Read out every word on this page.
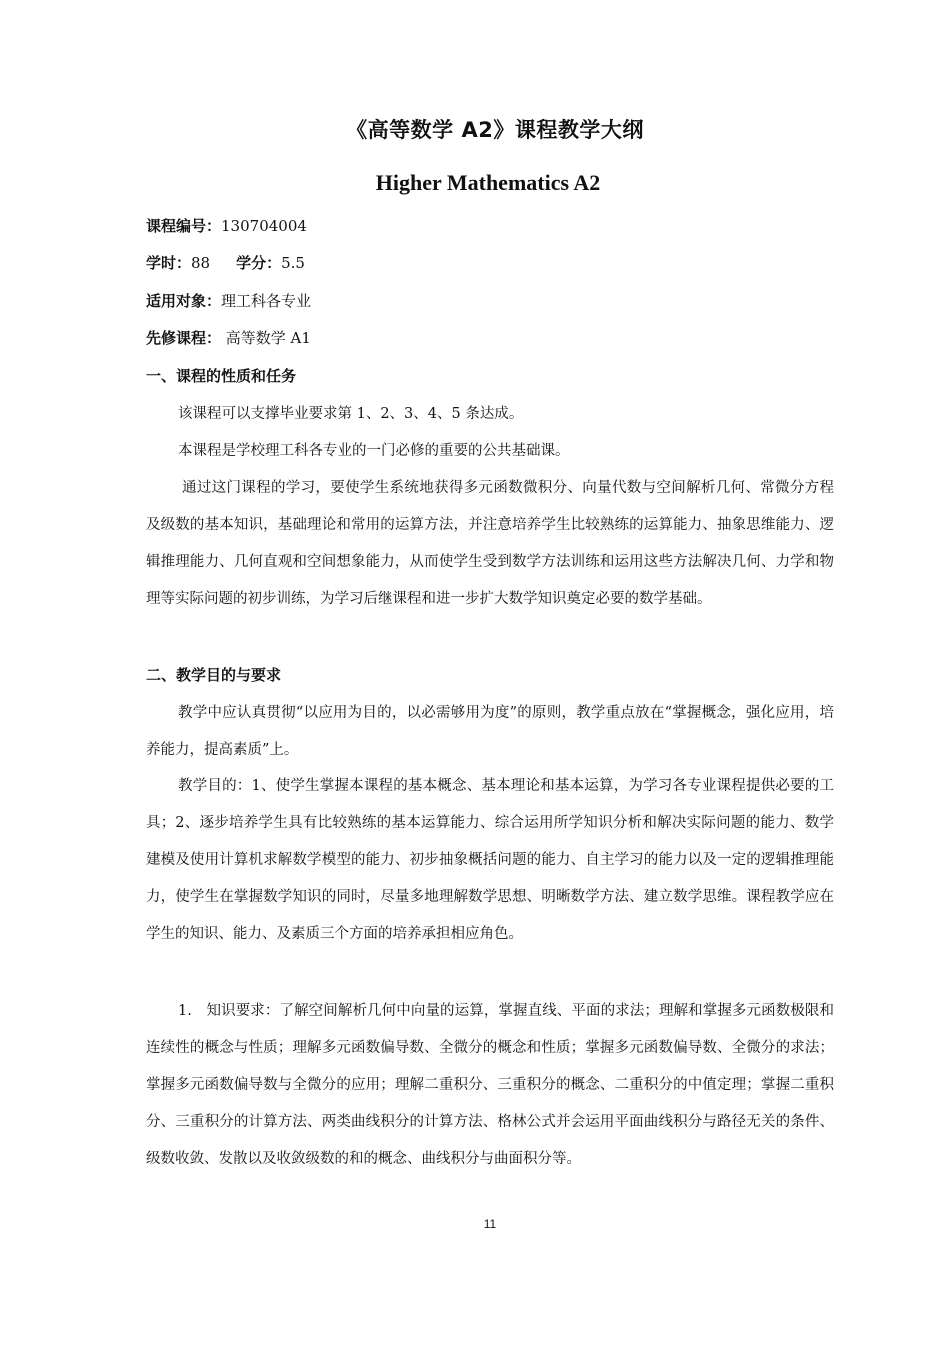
《高等数学 A2》课程教学大纲
Higher Mathematics A2
课程编号：130704004
学时：88 学分：5.5
适用对象：理工科各专业
先修课程： 高等数学 A1
一、课程的性质和任务

该课程可以支撑毕业要求第 1、2、3、4、5 条达成。

本课程是学校理工科各专业的一门必修的重要的公共基础课。

通过这门课程的学习，要使学生系统地获得多元函数微积分、向量代数与空间解析几何、常微分方程及级数的基本知识，基础理论和常用的运算方法，并注意培养学生比较熟练的运算能力、抽象思维能力、逻辑推理能力、几何直观和空间想象能力，从而使学生受到数学方法训练和运用这些方法解决几何、力学和物理等实际问题的初步训练，为学习后继课程和进一步扩大数学知识奠定必要的数学基础。

二、教学目的与要求

教学中应认真贯彻“以应用为目的，以必需够用为度”的原则，教学重点放在“掌握概念，强化应用，培养能力，提高素质”上。

教学目的：1、使学生掌握本课程的基本概念、基本理论和基本运算，为学习各专业课程提供必要的工具；2、逐步培养学生具有比较熟练的基本运算能力、综合运用所学知识分析和解决实际问题的能力、数学建模及使用计算机求解数学模型的能力、初步抽象概括问题的能力、自主学习的能力以及一定的逻辑推理能力，使学生在掌握数学知识的同时，尽量多地理解数学思想、明晰数学方法、建立数学思维。课程教学应在学生的知识、能力、及素质三个方面的培养承担相应角色。

1.　知识要求：了解空间解析几何中向量的运算，掌握直线、平面的求法；理解和掌握多元函数极限和连续性的概念与性质；理解多元函数偏导数、全微分的概念和性质；掌握多元函数偏导数、全微分的求法；掌握多元函数偏导数与全微分的应用；理解二重积分、三重积分的概念、二重积分的中值定理；掌握二重积分、三重积分的计算方法、两类曲线积分的计算方法、格林公式并会运用平面曲线积分与路径无关的条件、级数收敛、发散以及收敛级数的和的概念、曲线积分与曲面积分等。

11
